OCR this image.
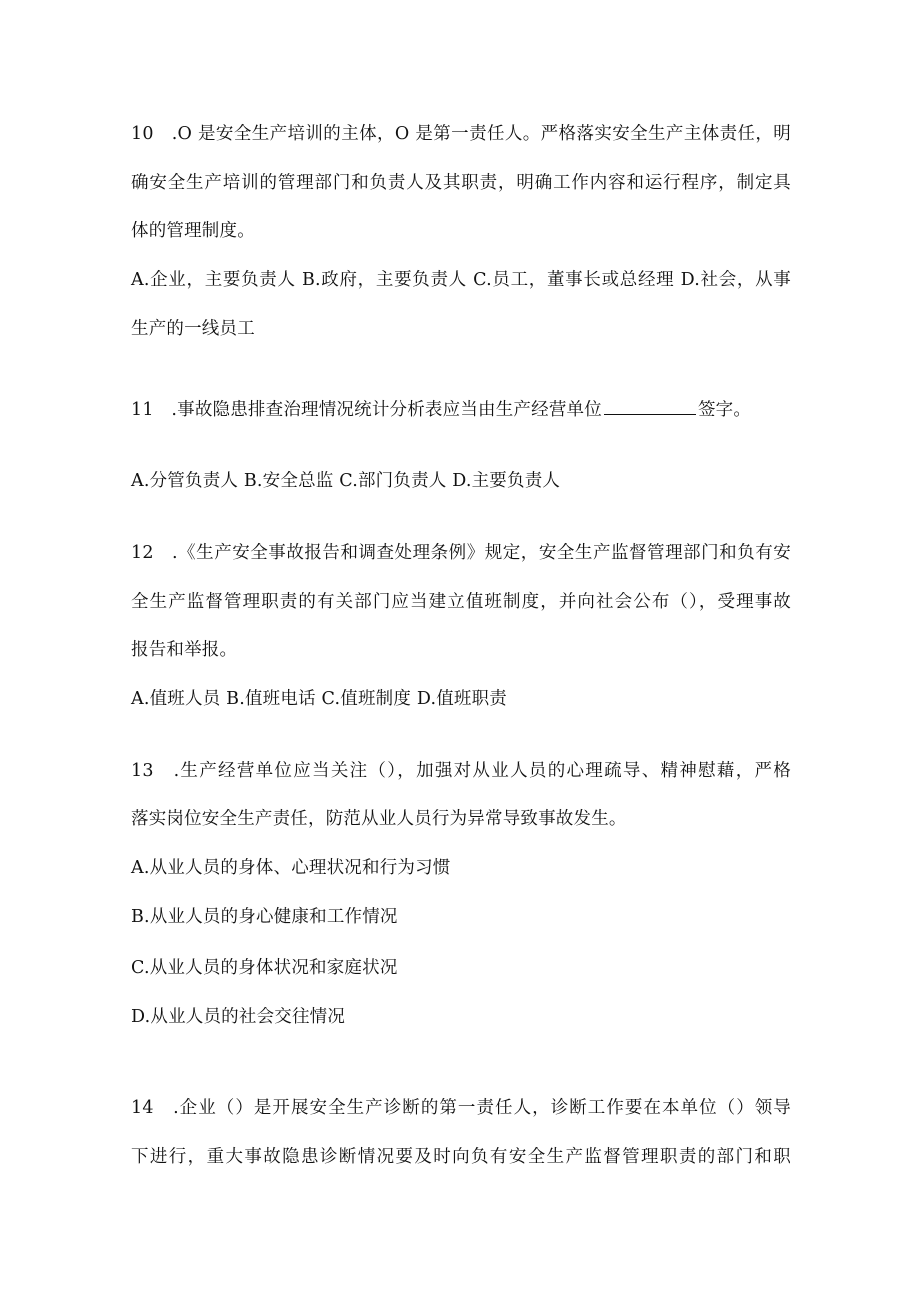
10　.O 是安全生产培训的主体，O 是第一责任人。严格落实安全生产主体责任，明
确安全生产培训的管理部门和负责人及其职责，明确工作内容和运行程序，制定具
体的管理制度。
A.企业，主要负责人 B.政府，主要负责人 C.员工，董事长或总经理 D.社会，从事
生产的一线员工
11　.事故隐患排查治理情况统计分析表应当由生产经营单位	签字。
A.分管负责人 B.安全总监 C.部门负责人 D.主要负责人
12　.《生产安全事故报告和调查处理条例》规定，安全生产监督管理部门和负有安
全生产监督管理职责的有关部门应当建立值班制度，并向社会公布（），受理事故
报告和举报。
A.值班人员 B.值班电话 C.值班制度 D.值班职责
13　.生产经营单位应当关注（），加强对从业人员的心理疏导、精神慰藉，严格
落实岗位安全生产责任，防范从业人员行为异常导致事故发生。
A.从业人员的身体、心理状况和行为习惯
B.从业人员的身心健康和工作情况
C.从业人员的身体状况和家庭状况
D.从业人员的社会交往情况
14　.企业（）是开展安全生产诊断的第一责任人，诊断工作要在本单位（）领导
下进行，重大事故隐患诊断情况要及时向负有安全生产监督管理职责的部门和职
